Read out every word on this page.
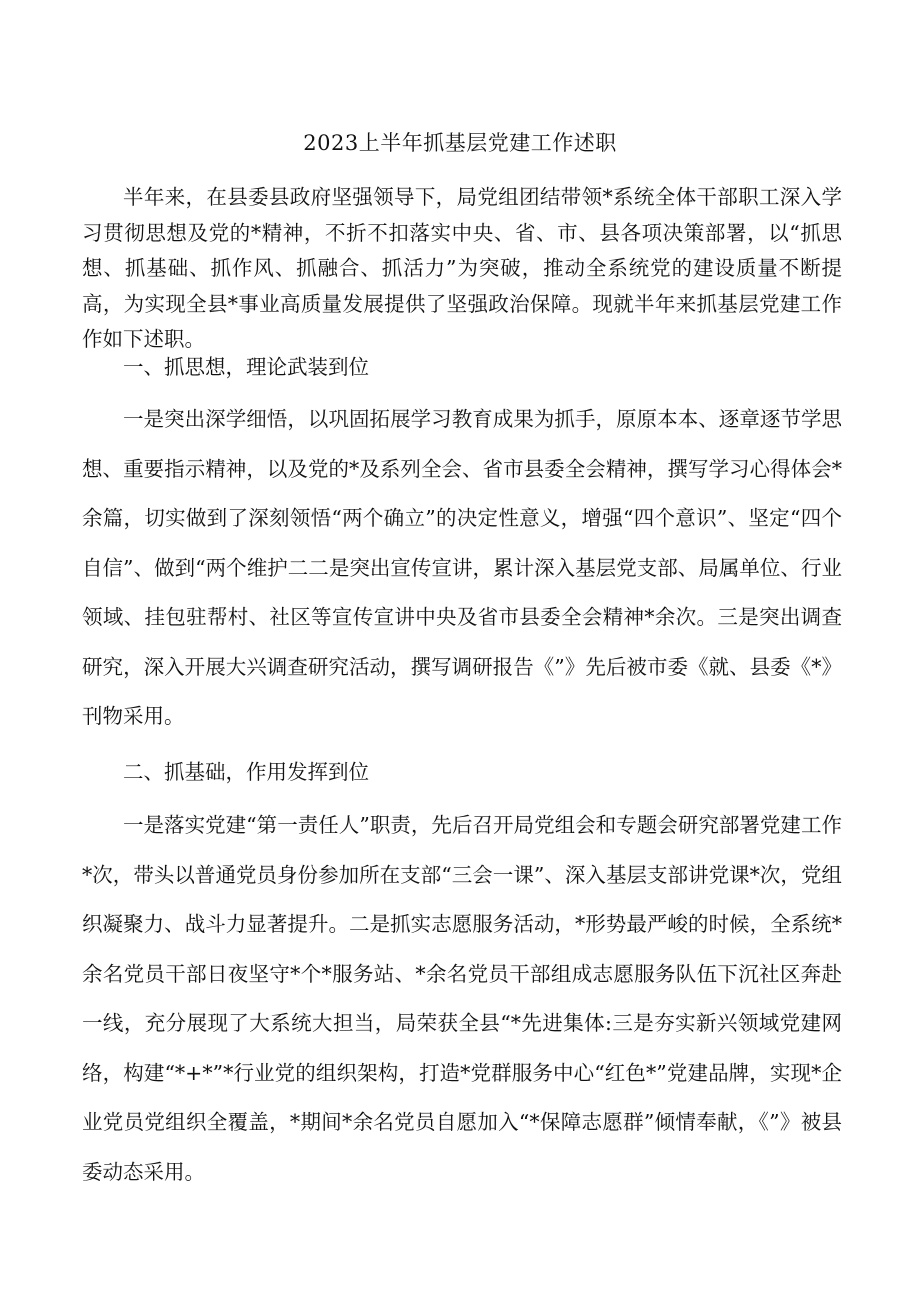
2023上半年抓基层党建工作述职

半年来，在县委县政府坚强领导下，局党组团结带领*系统全体干部职工深入学习贯彻思想及党的*精神，不折不扣落实中央、省、市、县各项决策部署，以“抓思想、抓基础、抓作风、抓融合、抓活力”为突破，推动全系统党的建设质量不断提高，为实现全县*事业高质量发展提供了坚强政治保障。现就半年来抓基层党建工作作如下述职。

一、抓思想，理论武装到位

一是突出深学细悟，以巩固拓展学习教育成果为抓手，原原本本、逐章逐节学思想、重要指示精神，以及党的*及系列全会、省市县委全会精神，撰写学习心得体会*余篇，切实做到了深刻领悟“两个确立”的决定性意义，增强“四个意识”、坚定“四个自信”、做到“两个维护二二是突出宣传宣讲，累计深入基层党支部、局属单位、行业领域、挂包驻帮村、社区等宣传宣讲中央及省市县委全会精神*余次。三是突出调查研究，深入开展大兴调查研究活动，撰写调研报告《”》先后被市委《就、县委《*》刊物采用。

二、抓基础，作用发挥到位

一是落实党建“第一责任人”职责，先后召开局党组会和专题会研究部署党建工作*次，带头以普通党员身份参加所在支部“三会一课”、深入基层支部讲党课*次，党组织凝聚力、战斗力显著提升。二是抓实志愿服务活动，*形势最严峻的时候，全系统*余名党员干部日夜坚守*个*服务站、*余名党员干部组成志愿服务队伍下沉社区奔赴一线，充分展现了大系统大担当，局荣获全县“*先进集体:三是夯实新兴领域党建网络，构建“*+*”*行业党的组织架构，打造*党群服务中心“红色*”党建品牌，实现*企业党员党组织全覆盖，*期间*余名党员自愿加入“*保障志愿群”倾情奉献，《”》被县委动态采用。
